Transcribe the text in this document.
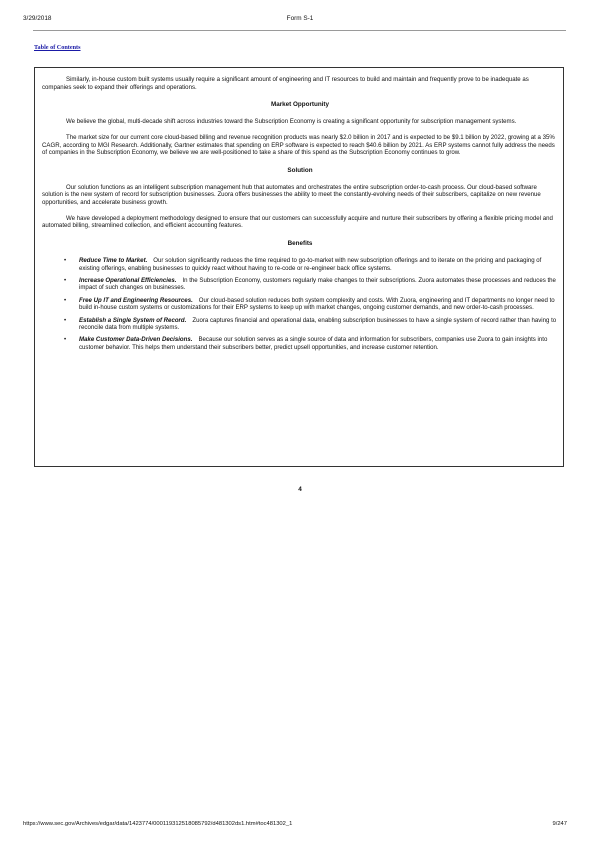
3/29/2018	Form S-1
Table of Contents

Similarly, in-house custom built systems usually require a significant amount of engineering and IT resources to build and maintain and frequently prove to be inadequate as companies seek to expand their offerings and operations.

Market Opportunity

We believe the global, multi-decade shift across industries toward the Subscription Economy is creating a significant opportunity for subscription management systems.

The market size for our current core cloud-based billing and revenue recognition products was nearly $2.0 billion in 2017 and is expected to be $9.1 billion by 2022, growing at a 35% CAGR, according to MGI Research. Additionally, Gartner estimates that spending on ERP software is expected to reach $40.6 billion by 2021. As ERP systems cannot fully address the needs of companies in the Subscription Economy, we believe we are well-positioned to take a share of this spend as the Subscription Economy continues to grow.

Solution

Our solution functions as an intelligent subscription management hub that automates and orchestrates the entire subscription order-to-cash process. Our cloud-based software solution is the new system of record for subscription businesses. Zuora offers businesses the ability to meet the constantly-evolving needs of their subscribers, capitalize on new revenue opportunities, and accelerate business growth.

We have developed a deployment methodology designed to ensure that our customers can successfully acquire and nurture their subscribers by offering a flexible pricing model and automated billing, streamlined collection, and efficient accounting features.

Benefits
• Reduce Time to Market. Our solution significantly reduces the time required to go-to-market with new subscription offerings and to iterate on the pricing and packaging of existing offerings, enabling businesses to quickly react without having to re-code or re-engineer back office systems.
• Increase Operational Efficiencies. In the Subscription Economy, customers regularly make changes to their subscriptions. Zuora automates these processes and reduces the impact of such changes on businesses.
• Free Up IT and Engineering Resources. Our cloud-based solution reduces both system complexity and costs. With Zuora, engineering and IT departments no longer need to build in-house custom systems or customizations for their ERP systems to keep up with market changes, ongoing customer demands, and new order-to-cash processes.
• Establish a Single System of Record. Zuora captures financial and operational data, enabling subscription businesses to have a single system of record rather than having to reconcile data from multiple systems.
• Make Customer Data-Driven Decisions. Because our solution serves as a single source of data and information for subscribers, companies use Zuora to gain insights into customer behavior. This helps them understand their subscribers better, predict upsell opportunities, and increase customer retention.
4
https://www.sec.gov/Archives/edgar/data/1423774/000119312518085792/d481302ds1.htm#toc481302_1	9/247
